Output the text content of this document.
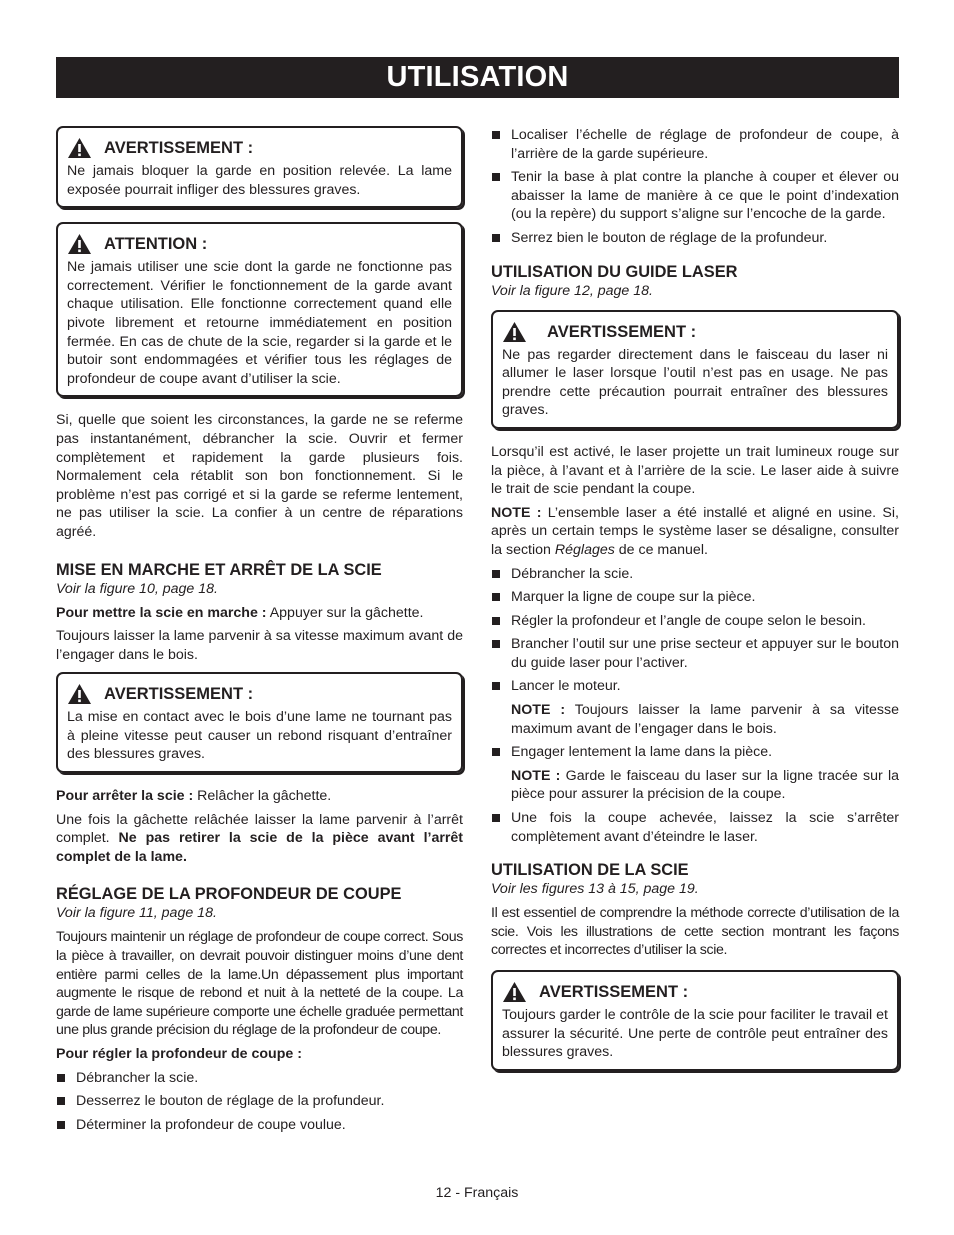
UTILISATION
AVERTISSEMENT :

Ne jamais bloquer la garde en position relevée. La lame exposée pourrait infliger des blessures graves.

ATTENTION :

Ne jamais utiliser une scie dont la garde ne fonctionne pas correctement. Vérifier le fonctionnement de la garde avant chaque utilisation. Elle fonctionne correctement quand elle pivote librement et retourne immédiatement en position fermée. En cas de chute de la scie, regarder si la garde et le butoir sont endommagées et vérifier tous les réglages de profondeur de coupe avant d’utiliser la scie.

Si, quelle que soient les circonstances, la garde ne se referme pas instantanément, débrancher la scie. Ouvrir et fermer complètement et rapidement la garde plusieurs fois. Normalement cela rétablit son bon fonctionnement. Si le problème n’est pas corrigé et si la garde se referme lentement, ne pas utiliser la scie. La confier à un centre de réparations agréé.

MISE EN MARCHE ET ARRÊT DE LA SCIE
Voir la figure 10, page 18.

Pour mettre la scie en marche : Appuyer sur la gâchette.

Toujours laisser la lame parvenir à sa vitesse maximum avant de l’engager dans le bois.

AVERTISSEMENT :

La mise en contact avec le bois d’une lame ne tournant pas à pleine vitesse peut causer un rebond risquant d’entraîner des blessures graves.

Pour arrêter la scie : Relâcher la gâchette.

Une fois la gâchette relâchée laisser la lame parvenir à l’arrêt complet. Ne pas retirer la scie de la pièce avant l’arrêt complet de la lame.

RÉGLAGE DE LA PROFONDEUR DE COUPE
Voir la figure 11, page 18.

Toujours maintenir un réglage de profondeur de coupe correct. Sous la pièce à travailler, on devrait pouvoir distinguer moins d’une dent entière parmi celles de la lame.Un dépassement plus important augmente le risque de rebond et nuit à la netteté de la coupe. La garde de lame supérieure comporte une échelle graduée permettant une plus grande précision du réglage de la profondeur de coupe.

Pour régler la profondeur de coupe :

Débrancher la scie.
Desserrez le bouton de réglage de la profundeur.
Déterminer la profondeur de coupe voulue.
Localiser l’échelle de réglage de profondeur de coupe, à l’arrière de la garde supérieure.
Tenir la base à plat contre la planche à couper et élever ou abaisser la lame de manière à ce que le point d’indexation (ou la repère) du support s’aligne sur l’encoche de la garde.
Serrez bien le bouton de réglage de la profundeur.
UTILISATION DU GUIDE LASER
Voir la figure 12, page 18.
AVERTISSEMENT :

Ne pas regarder directement dans le faisceau du laser ni allumer le laser lorsque l’outil n’est pas en usage. Ne pas prendre cette précaution pourrait entraîner des blessures graves.

Lorsqu’il est activé, le laser projette un trait lumineux rouge sur la pièce, à l’avant et à l’arrière de la scie. Le laser aide à suivre le trait de scie pendant la coupe.

NOTE : L’ensemble laser a été installé et aligné en usine. Si, après un certain temps le système laser se désaligne, consulter la section Réglages de ce manuel.

Débrancher la scie.
Marquer la ligne de coupe sur la pièce.
Régler la profondeur et l’angle de coupe selon le besoin.
Brancher l’outil sur une prise secteur et appuyer sur le bouton du guide laser pour l’activer.
Lancer le moteur.

NOTE : Toujours laisser la lame parvenir à sa vitesse maximum avant de l’engager dans le bois.

Engager lentement la lame dans la pièce.

NOTE : Garde le faisceau du laser sur la ligne tracée sur la pièce pour assurer la précision de la coupe.

Une fois la coupe achevée, laissez la scie s’arrêter complètement avant d’éteindre le laser.
UTILISATION DE LA SCIE
Voir les figures 13 à 15, page 19.

Il est essentiel de comprendre la méthode correcte d’utilisation de la scie. Vois les illustrations de cette section montrant les façons correctes et incorrectes d’utiliser la scie.

AVERTISSEMENT :

Toujours garder le contrôle de la scie pour faciliter le travail et assurer la sécurité. Une perte de contrôle peut entraîner des blessures graves.

12 - Français
